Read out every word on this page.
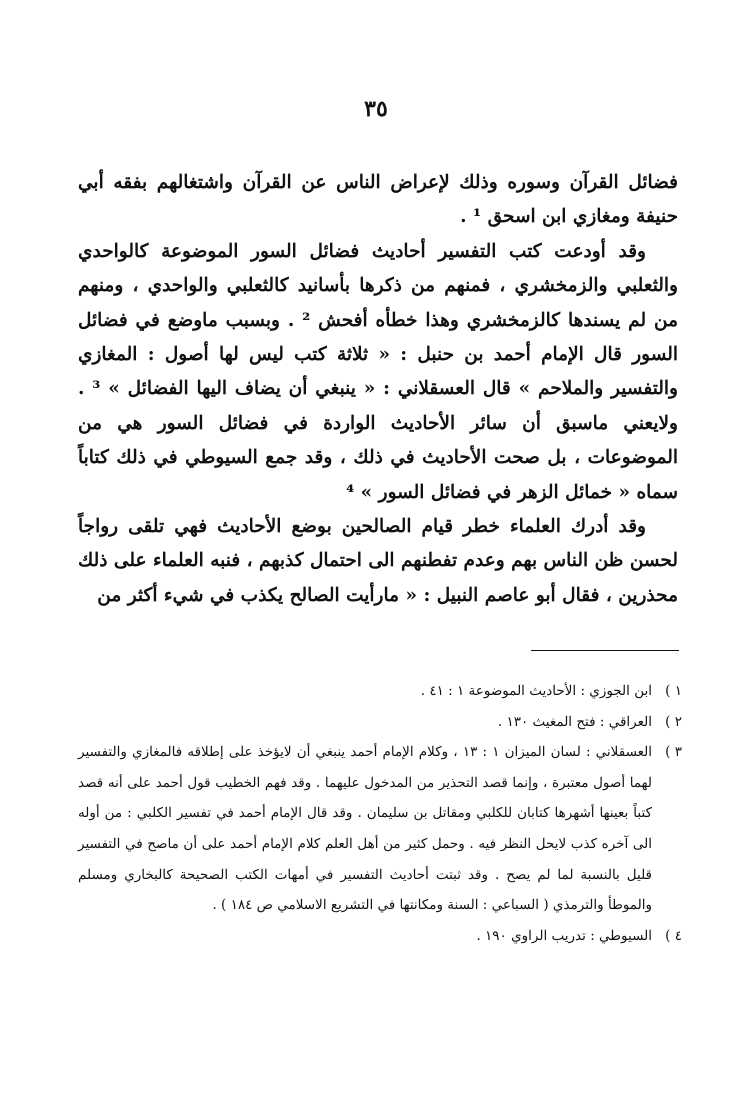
٣٥

فضائل القرآن وسوره وذلك لإعراض الناس عن القرآن واشتغالهم بفقه أبي حنيفة ومغازي ابن اسحق ¹ .

وقد أودعت كتب التفسير أحاديث فضائل السور الموضوعة كالواحدي والثعلبي والزمخشري ، فمنهم من ذكرها بأسانيد كالثعلبي والواحدي ، ومنهم من لم يسندها كالزمخشري وهذا خطأه أفحش ² . وبسبب ماوضع في فضائل السور قال الإمام أحمد بن حنبل : « ثلاثة كتب ليس لها أصول : المغازي والتفسير والملاحم » قال العسقلاني : « ينبغي أن يضاف اليها الفضائل » ³ . ولايعني ماسبق أن سائر الأحاديث الواردة في فضائل السور هي من الموضوعات ، بل صحت الأحاديث في ذلك ، وقد جمع السيوطي في ذلك كتاباً سماه « خمائل الزهر في فضائل السور » ⁴

وقد أدرك العلماء خطر قيام الصالحين بوضع الأحاديث فهي تلقى رواجاً لحسن ظن الناس بهم وعدم تفطنهم الى احتمال كذبهم ، فنبه العلماء على ذلك محذرين ، فقال أبو عاصم النبيل : « مارأيت الصالح يكذب في شيء أكثر من

١ )
ابن الجوزي : الأحاديث الموضوعة ١ : ٤١ .

٢ )
العراقي : فتح المغيث ١٣٠ .

٣ )
العسقلاني : لسان الميزان ١ : ١٣ ، وكلام الإمام أحمد ينبغي أن لايؤخذ على إطلاقه فالمغازي والتفسير لهما أصول معتبرة ، وإنما قصد التحذير من المدخول عليهما . وقد فهم الخطيب قول أحمد على أنه قصد كتباً بعينها أشهرها كتابان للكلبي ومقاتل بن سليمان . وقد قال الإمام أحمد في تفسير الكلبي : من أوله الى آخره كذب لايحل النظر فيه . وحمل كثير من أهل العلم كلام الإمام أحمد على أن ماصح في التفسير قليل بالنسبة لما لم يصح . وقد ثبتت أحاديث التفسير في أمهات الكتب الصحيحة كالبخاري ومسلم والموطأ والترمذي ( السباعي : السنة ومكانتها في التشريع الاسلامي ص ١٨٤ ) .

٤ )
السيوطي : تدريب الراوي ١٩٠ .
